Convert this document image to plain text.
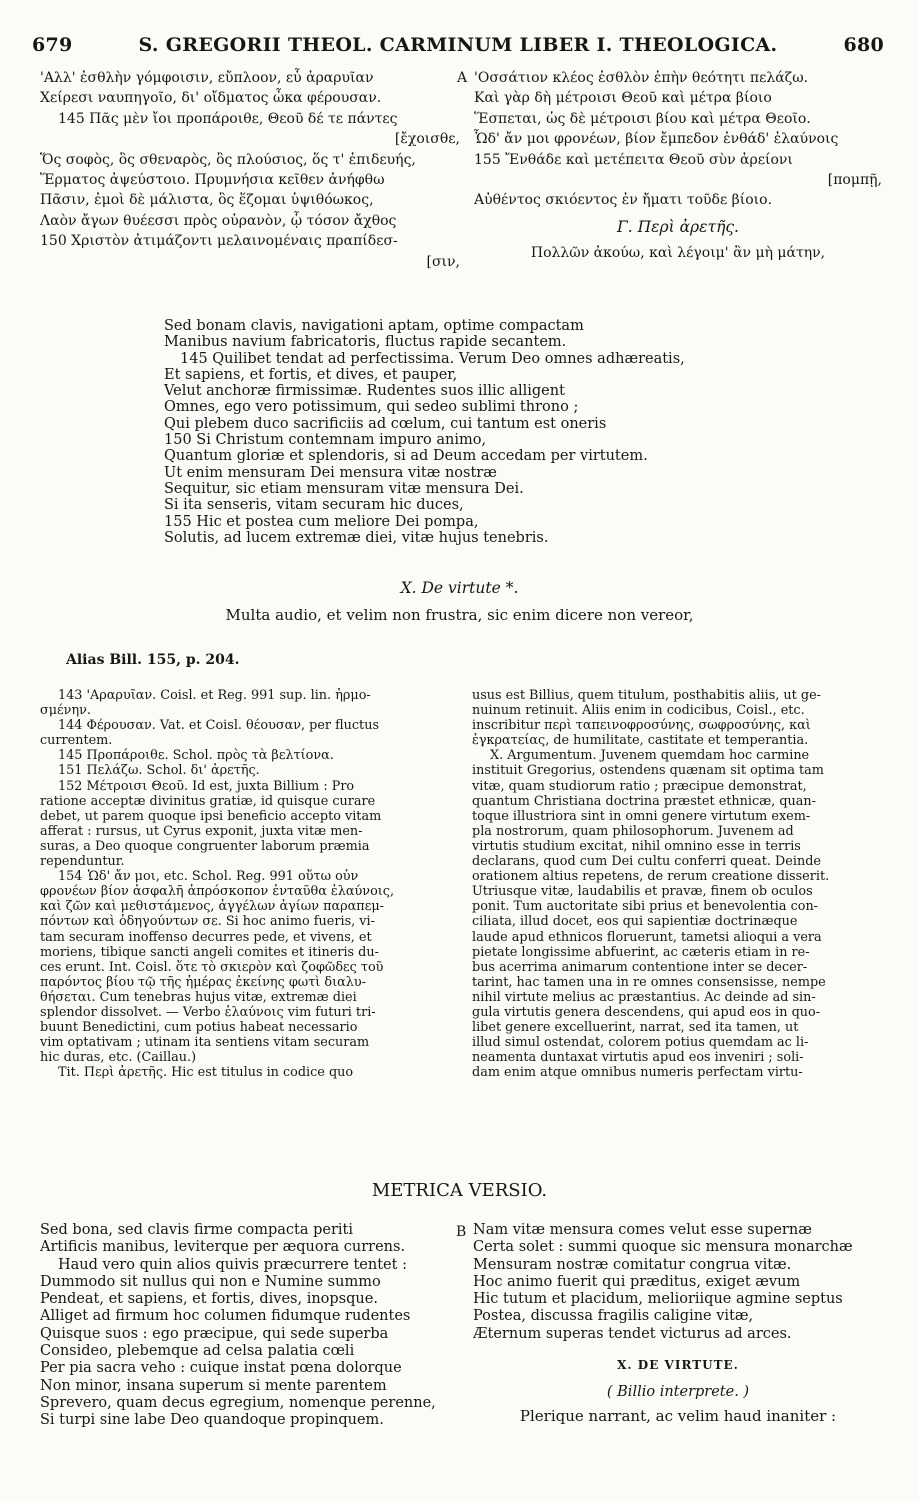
679	S. GREGORII THEOL. CARMINUM LIBER I. THEOLOGICA.	680
'Αλλ' ἐσθλὴν γόμφοισιν, εὔπλοον, εὖ ἀραρυῖαν
Χείρεσι ναυπηγοῖο, δι' οἴδματος ὦκα φέρουσαν.
145 Πᾶς μὲν ἴοι προπάροιθε, Θεοῦ δέ τε πάντες
[ἔχοισθε,
Ὅς σοφὸς, ὃς σθεναρὸς, ὃς πλούσιος, ὅς τ' ἐπιδευής,
Ἕρματος ἀψεύστοιο. Πρυμνήσια κεῖθεν ἀνήφθω
Πᾶσιν, ἐμοὶ δὲ μάλιστα, ὃς ἕζομαι ὑψιθόωκος,
Λαὸν ἄγων θυέεσσι πρὸς οὐρανὸν, ᾧ τόσον ἄχθος
150 Χριστὸν ἀτιμάζοντι μελαινομέναις πραπίδεσ-
[σιν,
A 'Οσσάτιον κλέος ἐσθλὸν ἐπὴν θεότητι πελάζω.
Καὶ γὰρ δὴ μέτροισι Θεοῦ καὶ μέτρα βίοιο
Ἕσπεται, ὡς δὲ μέτροισι βίου καὶ μέτρα Θεοῖο.
Ὧδ' ἄν μοι φρονέων, βίον ἔμπεδον ἐνθάδ' ἐλαύνοις
155 Ἔνθάδε καὶ μετέπειτα Θεοῦ σὺν ἀρείονι
[πομπῇ,
Αὐθέντος σκιόεντος ἐν ἤματι τοῦδε βίοιο.
Γ. Περὶ ἀρετῆς.
Πολλῶν ἀκούω, καὶ λέγοιμ' ἂν μὴ μάτην,
Sed bonam clavis, navigationi aptam, optime compactam
Manibus navium fabricatoris, fluctus rapide secantem.
145 Quilibet tendat ad perfectissima. Verum Deo omnes adhæreatis,
Et sapiens, et fortis, et dives, et pauper,
Velut anchoræ firmissimæ. Rudentes suos illic alligent
Omnes, ego vero potissimum, qui sedeo sublimi throno ;
Qui plebem duco sacrificiis ad cœlum, cui tantum est oneris
150 Si Christum contemnam impuro animo,
Quantum gloriæ et splendoris, si ad Deum accedam per virtutem.
Ut enim mensuram Dei mensura vitæ nostræ
Sequitur, sic etiam mensuram vitæ mensura Dei.
Si ita senseris, vitam securam hic duces,
155 Hic et postea cum meliore Dei pompa,
Solutis, ad lucem extremæ diei, vitæ hujus tenebris.
X. De virtute *.
Multa audio, et velim non frustra, sic enim dicere non vereor,
Alias Bill. 155, p. 204.
143 'Αραρυῖαν. Coisl. et Reg. 991 sup. lin. ἡρμο-
σμένην.
144 Φέρουσαν. Vat. et Coisl. θέουσαν, per fluctus
currentem.
145 Προπάροιθε. Schol. πρὸς τὰ βελτίονα.
151 Πελάζω. Schol. δι' ἀρετῆς.
152 Μέτροισι Θεοῦ. Id est, juxta Billium : Pro
ratione acceptæ divinitus gratiæ, id quisque curare
debet, ut parem quoque ipsi beneficio accepto vitam
afferat : rursus, ut Cyrus exponit, juxta vitæ men-
suras, a Deo quoque congruenter laborum præmia
rependuntur.
154 Ὧδ' ἄν μοι, etc. Schol. Reg. 991 οὕτω οὖν
φρονέων βίον ἀσφαλῆ ἀπρόσκοπον ἐνταῦθα ἐλαύνοις,
καὶ ζῶν καὶ μεθιστάμενος, ἀγγέλων ἁγίων παραπεμ-
πόντων καὶ ὁδηγούντων σε. Si hoc animo fueris, vi-
tam securam inoffenso decurres pede, et vivens, et
moriens, tibique sancti angeli comites et itineris du-
ces erunt. Int. Coisl. ὅτε τὸ σκιερὸν καὶ ζοφῶδες τοῦ
παρόντος βίου τῷ τῆς ἡμέρας ἐκείνης φωτὶ διαλυ-
θήσεται. Cum tenebras hujus vitæ, extremæ diei
splendor dissolvet. — Verbo ἐλαύνοις vim futuri tri-
buunt Benedictini, cum potius habeat necessario
vim optativam ; utinam ita sentiens vitam securam
hic duras, etc. (Caillau.)
Tit. Περὶ ἀρετῆς. Hic est titulus in codice quo
usus est Billius, quem titulum, posthabitis aliis, ut ge-
nuinum retinuit. Aliis enim in codicibus, Coisl., etc.
inscribitur περὶ ταπεινοφροσύνης, σωφροσύνης, καὶ
ἐγκρατείας, de humilitate, castitate et temperantia.
X. Argumentum. Juvenem quemdam hoc carmine
instituit Gregorius, ostendens quænam sit optima tam
vitæ, quam studiorum ratio ; præcipue demonstrat,
quantum Christiana doctrina præstet ethnicæ, quan-
toque illustriora sint in omni genere virtutum exem-
pla nostrorum, quam philosophorum. Juvenem ad
virtutis studium excitat, nihil omnino esse in terris
declarans, quod cum Dei cultu conferri queat. Deinde
orationem altius repetens, de rerum creatione disserit.
Utriusque vitæ, laudabilis et pravæ, finem ob oculos
ponit. Tum auctoritate sibi prius et benevolentia con-
ciliata, illud docet, eos qui sapientiæ doctrinæque
laude apud ethnicos floruerunt, tametsi alioqui a vera
pietate longissime abfuerint, ac cæteris etiam in re-
bus acerrima animarum contentione inter se decer-
tarint, hac tamen una in re omnes consensisse, nempe
nihil virtute melius ac præstantius. Ac deinde ad sin-
gula virtutis genera descendens, qui apud eos in quo-
libet genere excelluerint, narrat, sed ita tamen, ut
illud simul ostendat, colorem potius quemdam ac li-
neamenta duntaxat virtutis apud eos inveniri ; soli-
dam enim atque omnibus numeris perfectam virtu-
METRICA VERSIO.
Sed bona, sed clavis firme compacta periti
Artificis manibus, leviterque per æquora currens.
Haud vero quin alios quivis præcurrere tentet :
Dummodo sit nullus qui non e Numine summo
Pendeat, et sapiens, et fortis, dives, inopsque.
Alliget ad firmum hoc columen fidumque rudentes
Quisque suos : ego præcipue, qui sede superba
Consideo, plebemque ad celsa palatia cœli
Per pia sacra veho : cuique instat pœna dolorque
Non minor, insana superum si mente parentem
Sprevero, quam decus egregium, nomenque perenne,
Si turpi sine labe Deo quandoque propinquem.
B Nam vitæ mensura comes velut esse supernæ
Certa solet : summi quoque sic mensura monarchæ
Mensuram nostræ comitatur congrua vitæ.
Hoc animo fuerit qui præditus, exiget ævum
Hic tutum et placidum, melioriique agmine septus
Postea, discussa fragilis caligine vitæ,
Æternum superas tendet victurus ad arces.
X. DE VIRTUTE.
( Billio interprete. )
Plerique narrant, ac velim haud inaniter :
